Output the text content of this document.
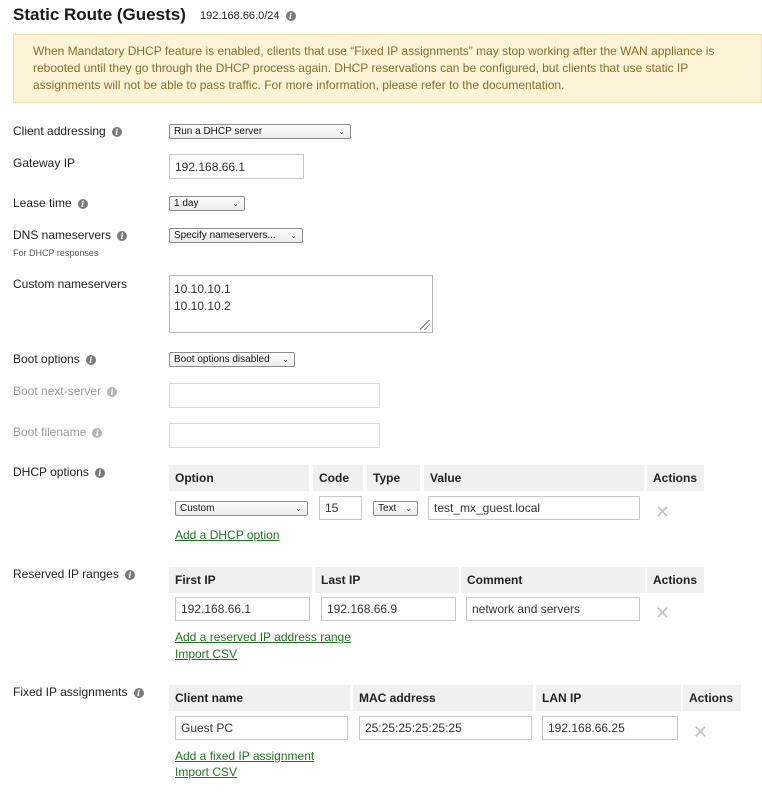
Static Route (Guests) 192.168.66.0/24 i
When Mandatory DHCP feature is enabled, clients that use “Fixed IP assignments” may stop working after the WAN appliance is rebooted until they go through the DHCP process again. DHCP reservations can be configured, but clients that use static IP assignments will not be able to pass traffic. For more information, please refer to the documentation.
Client addressing i	Run a DHCP server	⌄
Gateway IP	192.168.66.1
Lease time i	1 day	⌄
DNS nameservers i
For DHCP responses
Specify nameservers... ⌄
Custom nameservers	10.10.10.1
10.10.10.2
Boot options i	Boot options disabled ⌄
Boot next-server i
Boot filename i
DHCP options i	Option	Code	Type	Value	Actions
Custom	⌄ 15	Text ⌄ test_mx_guest.local	✕
Add a DHCP option
Reserved IP ranges i	First IP	Last IP	Comment	Actions
192.168.66.1	192.168.66.9	network and servers	✕
Add a reserved IP address range
Import CSV
Fixed IP assignments i	Client name	MAC address	LAN IP	Actions
Guest PC	25:25:25:25:25:25	192.168.66.25	✕
Add a fixed IP assignment
Import CSV
